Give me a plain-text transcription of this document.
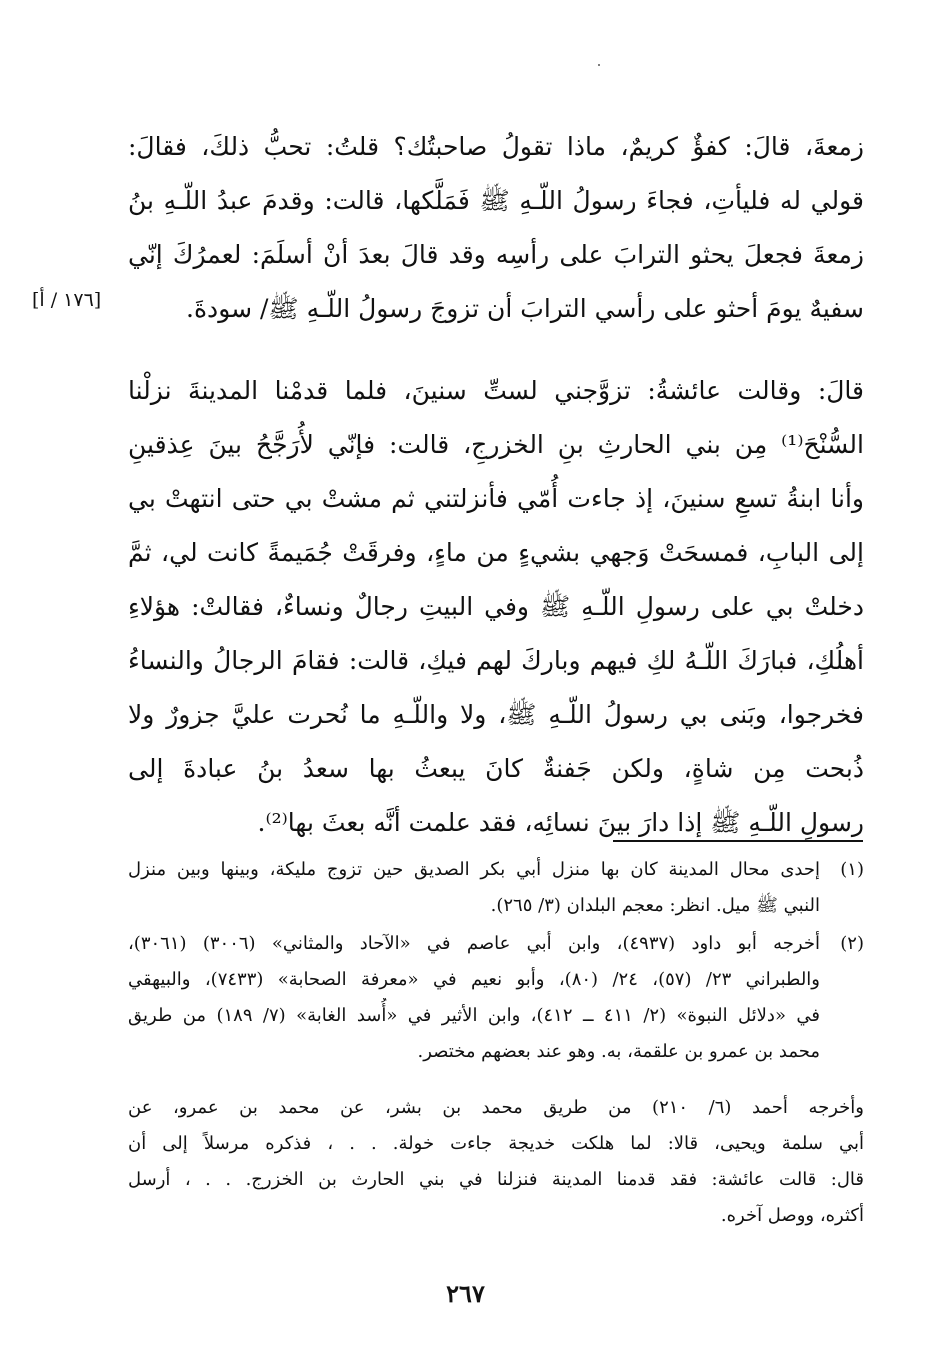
زمعةَ، قالَ: كفؤٌ كريمٌ، ماذا تقولُ صاحبتُك؟ قلتُ: تحبُّ ذلكَ، فقالَ:
قولي له فليأتِ، فجاءَ رسولُ اللّـهِ ﷺ فَمَلَّكها، قالت: وقدمَ عبدُ اللّـهِ بنُ
زمعةَ فجعلَ يحثو الترابَ على رأسِه وقد قالَ بعدَ أنْ أسلَمَ: لعمرُكَ إنّي
سفيهٌ يومَ أحثو على رأسي الترابَ أن تزوجَ رسولُ اللّـهِ ﷺ/ سودةَ.
[١٧٦ / أ]
قالَ: وقالت عائشةُ: تزوَّجني لستِّ سنينَ، فلما قدمْنا المدينةَ نزلْنا
السُّنْحَ⁽¹⁾ مِن بني الحارثِ بنِ الخزرجِ، قالت: فإنّي لأُرَجَّحُ بينَ عِذقينِ
وأنا ابنةُ تسعِ سنينَ، إذ جاءت أُمّي فأنزلتني ثم مشتْ بي حتى انتهتْ بي
إلى البابِ، فمسحَتْ وَجهي بشيءٍ من ماءٍ، وفرقَتْ جُمَيمةً كانت لي، ثمَّ
دخلتْ بي على رسولِ اللّـهِ ﷺ وفي البيتِ رجالٌ ونساءٌ، فقالتْ: هؤلاءِ
أهلُكِ، فبارَكَ اللّـهُ لكِ فيهم وباركَ لهم فيكِ، قالت: فقامَ الرجالُ والنساءُ
فخرجوا، وبَنى بي رسولُ اللّـهِ ﷺ، ولا واللّـهِ ما نُحرت عليَّ جزورٌ ولا
ذُبحت مِن شاةٍ، ولكن جَفنةٌ كانَ يبعثُ بها سعدُ بنُ عبادةَ إلى
رسولِ اللّـهِ ﷺ إذا دارَ بينَ نسائِه، فقد علمت أنَّه بعثَ بها⁽²⁾.
(١)
إحدى محال المدينة كان بها منزل أبي بكر الصديق حين تزوج مليكة، وبينها وبين منزل
النبي ﷺ ميل. انظر: معجم البلدان (٣/ ٢٦٥).
(٢)
أخرجه أبو داود (٤٩٣٧)، وابن أبي عاصم في «الآحاد والمثاني» (٣٠٠٦) (٣٠٦١)،
والطبراني ٢٣/ (٥٧)، ٢٤/ (٨٠)، وأبو نعيم في «معرفة الصحابة» (٧٤٣٣)، والبيهقي
في «دلائل النبوة» (٢/ ٤١١ ــ ٤١٢)، وابن الأثير في «أُسد الغابة» (٧/ ١٨٩) من طريق
محمد بن عمرو بن علقمة، به. وهو عند بعضهم مختصر.
وأخرجه أحمد (٦/ ٢١٠) من طريق محمد بن بشر، عن محمد بن عمرو، عن
أبي سلمة ويحيى، قالا: لما هلكت خديجة جاءت خولة. . . ، فذكره مرسلاً إلى أن
قال: قالت عائشة: فقد قدمنا المدينة فنزلنا في بني الحارث بن الخزرج. . . ، أرسل
أكثره، ووصل آخره.
٢٦٧
